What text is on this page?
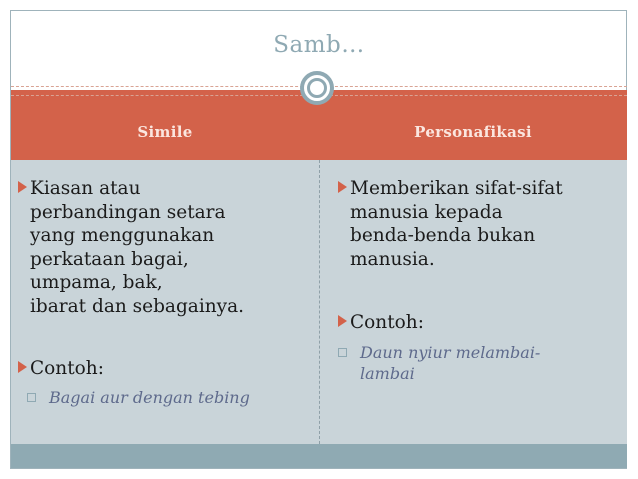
Samb…
Simile	Personafikasi
Kiasan atau
perbandingan setara
yang menggunakan
perkataan bagai,
umpama, bak,
ibarat dan sebagainya.
Contoh:
Bagai aur dengan tebing
Memberikan sifat-sifat
manusia kepada
benda-benda bukan
manusia.
Contoh:
Daun nyiur melambai-
lambai
